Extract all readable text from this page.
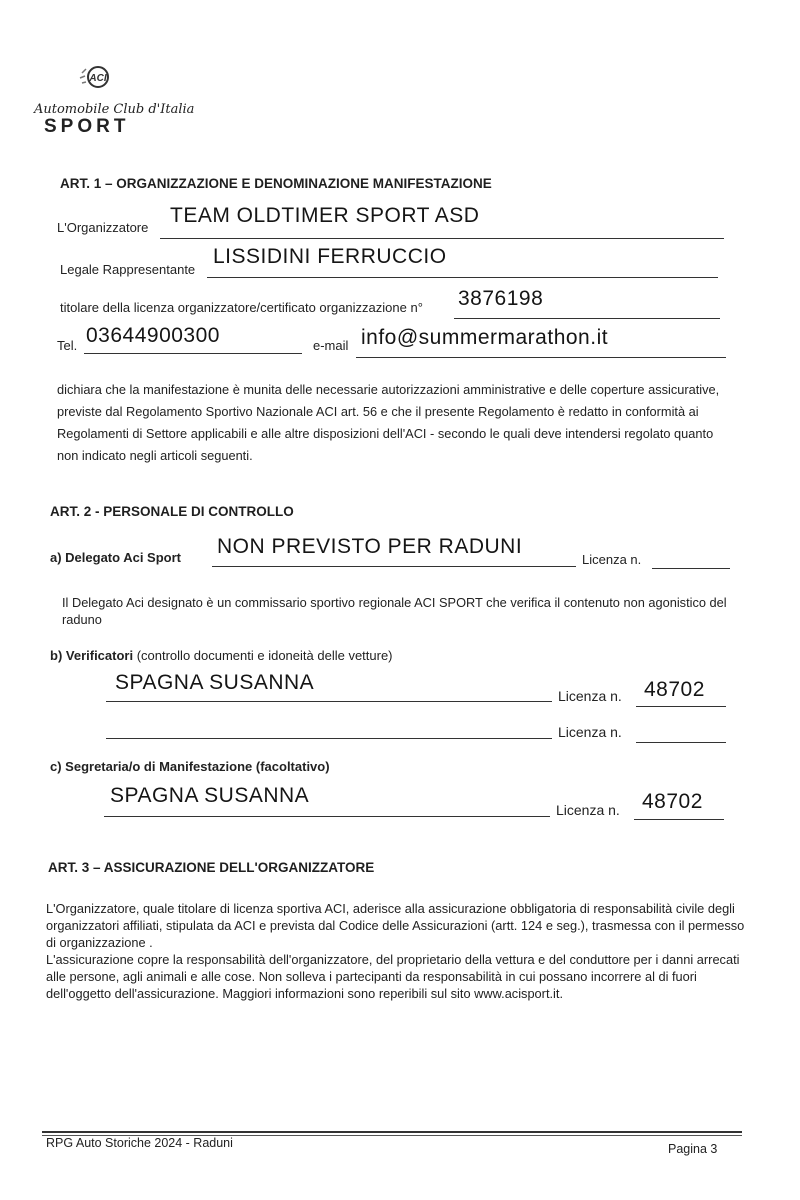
ACI
Automobile Club d'Italia
SPORT
ART. 1 – ORGANIZZAZIONE E DENOMINAZIONE MANIFESTAZIONE
L'Organizzatore
TEAM OLDTIMER SPORT ASD
Legale Rappresentante
LISSIDINI FERRUCCIO
titolare della licenza organizzatore/certificato organizzazione n° 3876198
Tel. 03644900300	e-mail info@summermarathon.it
dichiara che la manifestazione è munita delle necessarie autorizzazioni amministrative e delle coperture assicurative, previste dal Regolamento Sportivo Nazionale ACI art. 56 e che il presente Regolamento è redatto in conformità ai Regolamenti di Settore applicabili e alle altre disposizioni dell'ACI - secondo le quali deve intendersi regolato quanto non indicato negli articoli seguenti.
ART. 2 - PERSONALE DI CONTROLLO
a) Delegato Aci Sport NON PREVISTO PER RADUNI
Licenza n.
Il Delegato Aci designato è un commissario sportivo regionale ACI SPORT che verifica il contenuto non agonistico del raduno
b) Verificatori (controllo documenti e idoneità delle vetture)
SPAGNA SUSANNA
Licenza n. 48702
Licenza n.
c) Segretaria/o di Manifestazione (facoltativo)
SPAGNA SUSANNA
Licenza n. 48702
ART. 3 – ASSICURAZIONE DELL'ORGANIZZATORE
L'Organizzatore, quale titolare di licenza sportiva ACI, aderisce alla assicurazione obbligatoria di responsabilità civile degli organizzatori affiliati, stipulata da ACI e prevista dal Codice delle Assicurazioni (artt. 124 e seg.), trasmessa con il permesso di organizzazione .
L'assicurazione copre la responsabilità dell'organizzatore, del proprietario della vettura e del conduttore per i danni arrecati alle persone, agli animali e alle cose. Non solleva i partecipanti da responsabilità in cui possano incorrere al di fuori dell'oggetto dell'assicurazione. Maggiori informazioni sono reperibili sul sito www.acisport.it.
RPG Auto Storiche 2024 - Raduni	Pagina 3
